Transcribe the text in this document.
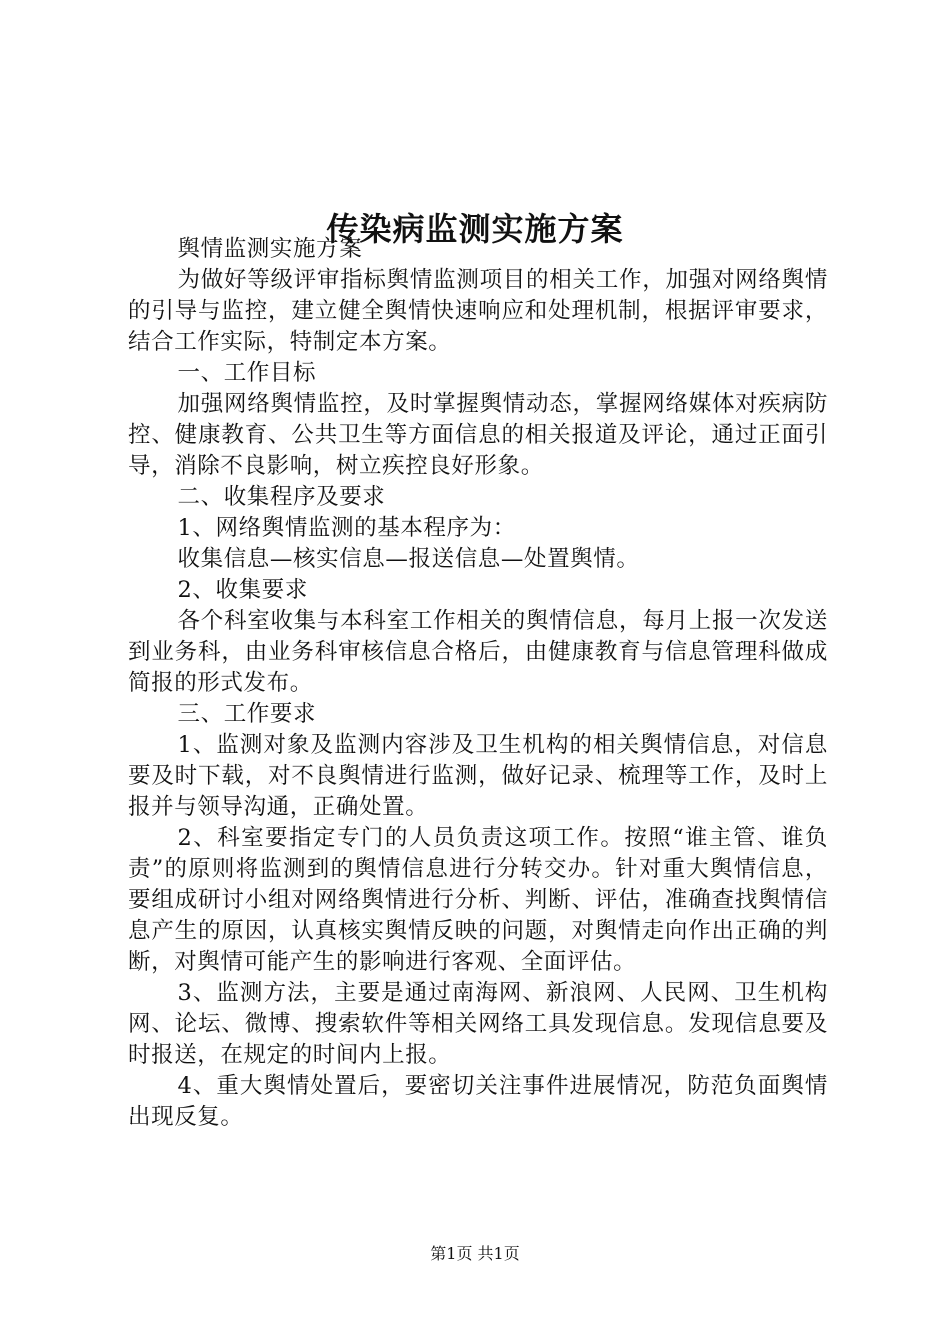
传染病监测实施方案

舆情监测实施方案

为做好等级评审指标舆情监测项目的相关工作，加强对网络舆情的引导与监控，建立健全舆情快速响应和处理机制，根据评审要求，结合工作实际，特制定本方案。

一、工作目标

加强网络舆情监控，及时掌握舆情动态，掌握网络媒体对疾病防控、健康教育、公共卫生等方面信息的相关报道及评论，通过正面引导，消除不良影响，树立疾控良好形象。

二、收集程序及要求

1、网络舆情监测的基本程序为：

收集信息—核实信息—报送信息—处置舆情。

2、收集要求

各个科室收集与本科室工作相关的舆情信息，每月上报一次发送到业务科，由业务科审核信息合格后，由健康教育与信息管理科做成简报的形式发布。

三、工作要求

1、监测对象及监测内容涉及卫生机构的相关舆情信息，对信息要及时下载，对不良舆情进行监测，做好记录、梳理等工作，及时上报并与领导沟通，正确处置。

2、科室要指定专门的人员负责这项工作。按照“谁主管、谁负责”的原则将监测到的舆情信息进行分转交办。针对重大舆情信息，要组成研讨小组对网络舆情进行分析、判断、评估，准确查找舆情信息产生的原因，认真核实舆情反映的问题，对舆情走向作出正确的判断，对舆情可能产生的影响进行客观、全面评估。

3、监测方法，主要是通过南海网、新浪网、人民网、卫生机构网、论坛、微博、搜索软件等相关网络工具发现信息。发现信息要及时报送，在规定的时间内上报。

4、重大舆情处置后，要密切关注事件进展情况，防范负面舆情出现反复。

第1页 共1页
